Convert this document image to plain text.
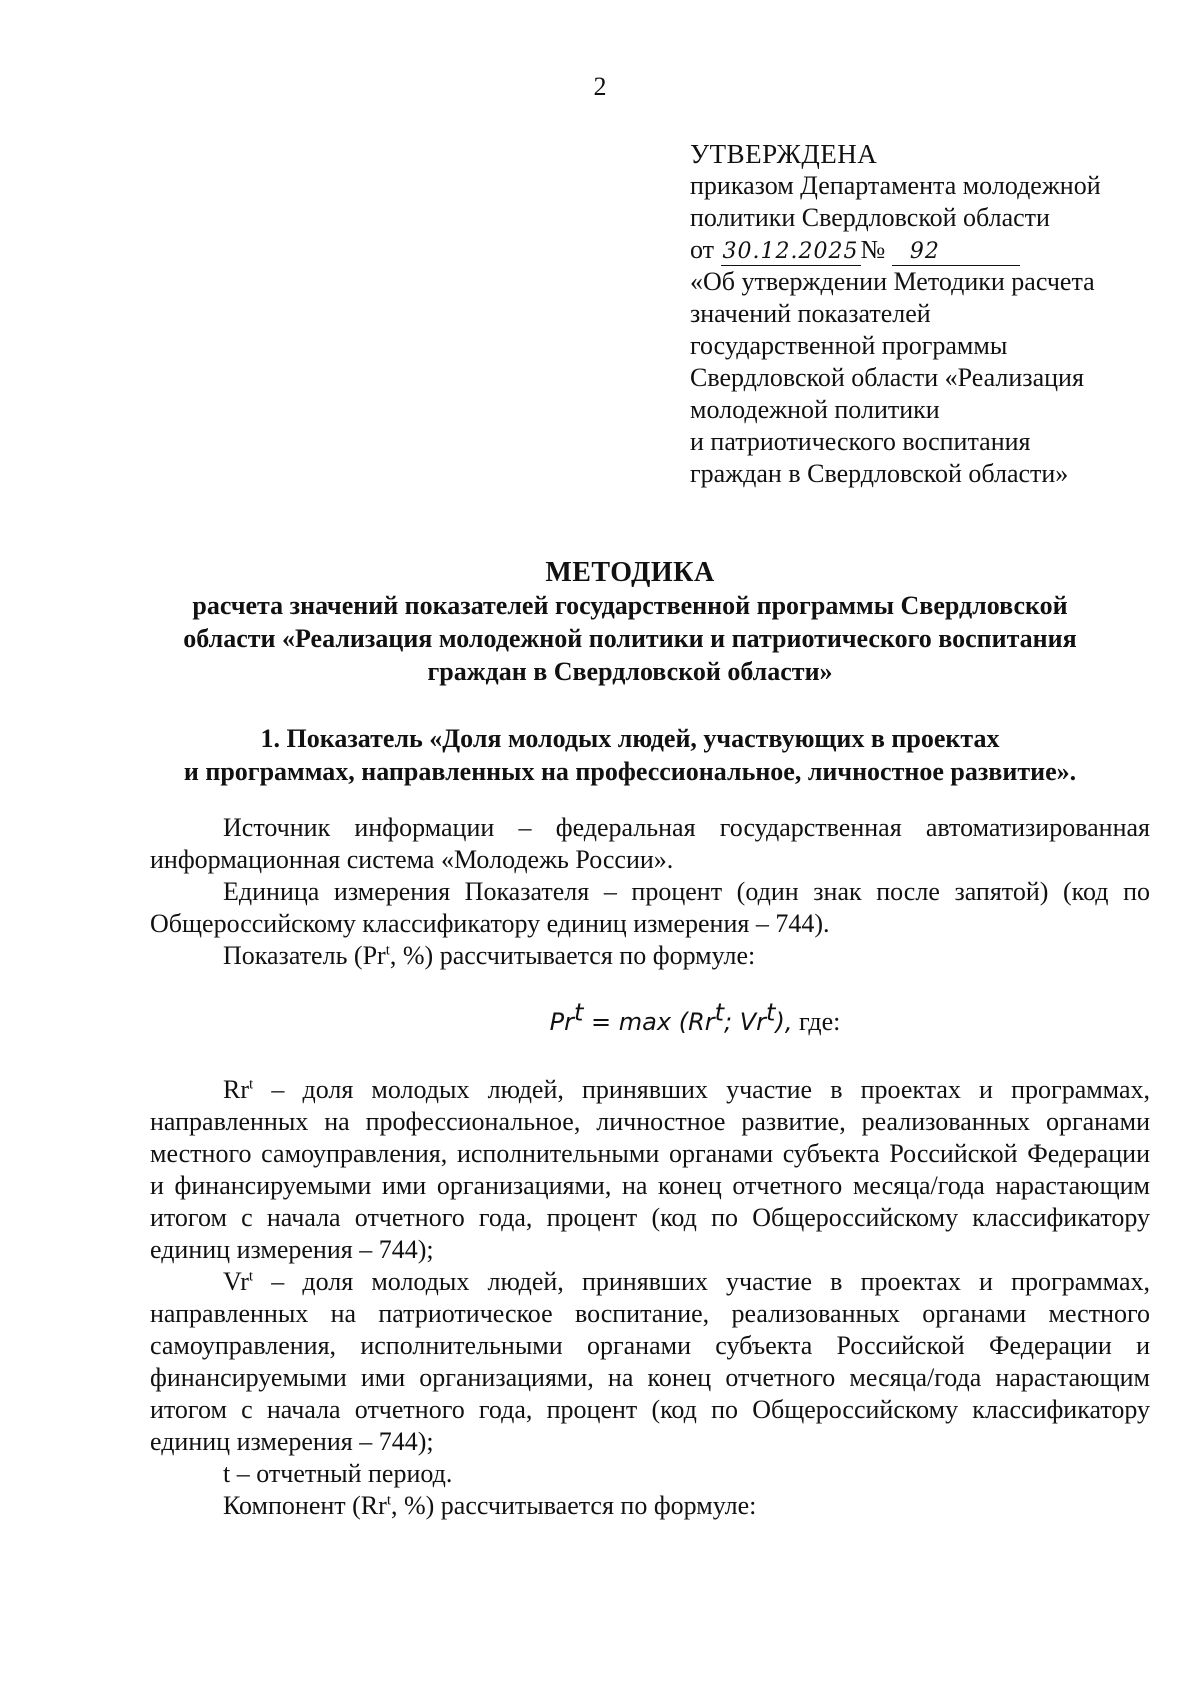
2
УТВЕРЖДЕНА
приказом Департамента молодежной
политики Свердловской области
от 30.12.2025№ 92
«Об утверждении Методики расчета
значений показателей
государственной программы
Свердловской области «Реализация
молодежной политики
и патриотического воспитания
граждан в Свердловской области»
МЕТОДИКА
расчета значений показателей государственной программы Свердловской
области «Реализация молодежной политики и патриотического воспитания
граждан в Свердловской области»
1. Показатель «Доля молодых людей, участвующих в проектах
и программах, направленных на профессиональное, личностное развитие».

Источник информации – федеральная государственная автоматизированная информационная система «Молодежь России».

Единица измерения Показателя – процент (один знак после запятой) (код по Общероссийскому классификатору единиц измерения – 744).

Показатель (Pr$^t$, %) рассчитывается по формуле:

$Pr^t = \max (Rr^t$; Vr$^t$), где:

Rr$^t$ – доля молодых людей, принявших участие в проектах и программах, направленных на профессиональное, личностное развитие, реализованных органами местного самоуправления, исполнительными органами субъекта Российской Федерации и финансируемыми ими организациями, на конец отчетного месяца/года нарастающим итогом с начала отчетного года, процент (код по Общероссийскому классификатору единиц измерения – 744);

Vr$^t$ – доля молодых людей, принявших участие в проектах и программах, направленных на патриотическое воспитание, реализованных органами местного самоуправления, исполнительными органами субъекта Российской Федерации и финансируемыми ими организациями, на конец отчетного месяца/года нарастающим итогом с начала отчетного года, процент (код по Общероссийскому классификатору единиц измерения – 744);

t – отчетный период.

Компонент (Rr$^t$, %) рассчитывается по формуле:
